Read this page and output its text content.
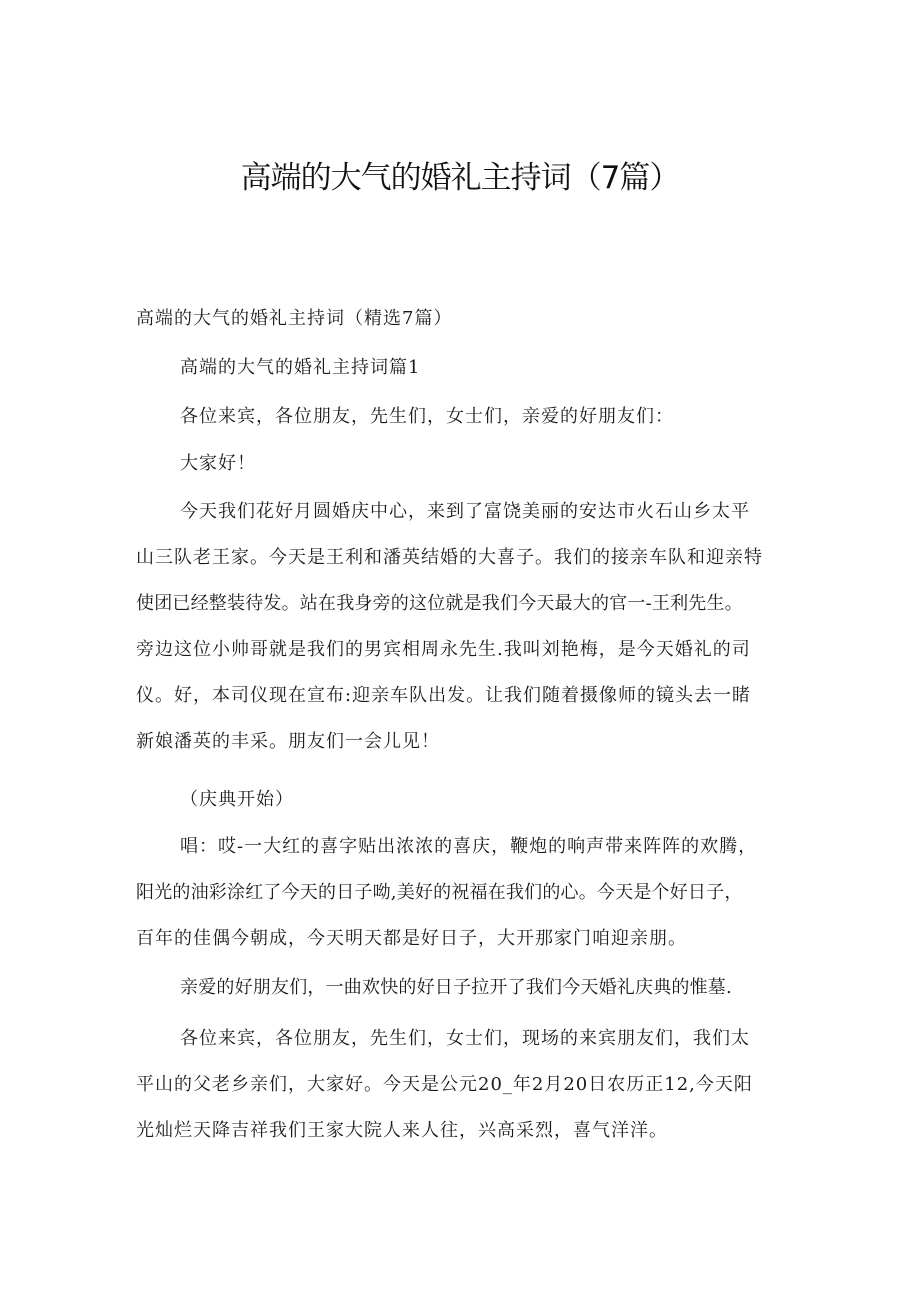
高端的大气的婚礼主持词（7篇）
高端的大气的婚礼主持词（精选7篇）
高端的大气的婚礼主持词篇1
各位来宾，各位朋友，先生们，女士们，亲爱的好朋友们：
大家好！
今天我们花好月圆婚庆中心，来到了富饶美丽的安达市火石山乡太平
山三队老王家。今天是王利和潘英结婚的大喜子。我们的接亲车队和迎亲特
使团已经整装待发。站在我身旁的这位就是我们今天最大的官一-王利先生。
旁边这位小帅哥就是我们的男宾相周永先生.我叫刘艳梅，是今天婚礼的司
仪。好，本司仪现在宣布:迎亲车队出发。让我们随着摄像师的镜头去一睹
新娘潘英的丰采。朋友们一会儿见！
（庆典开始）
唱：哎-一大红的喜字贴出浓浓的喜庆，鞭炮的响声带来阵阵的欢腾，
阳光的油彩涂红了今天的日子呦,美好的祝福在我们的心。今天是个好日子，
百年的佳偶今朝成，今天明天都是好日子，大开那家门咱迎亲朋。
亲爱的好朋友们，一曲欢快的好日子拉开了我们今天婚礼庆典的惟墓.
各位来宾，各位朋友，先生们，女士们，现场的来宾朋友们，我们太
平山的父老乡亲们，大家好。今天是公元20_年2月20日农历正12,今天阳
光灿烂天降吉祥我们王家大院人来人往，兴高采烈，喜气洋洋。
